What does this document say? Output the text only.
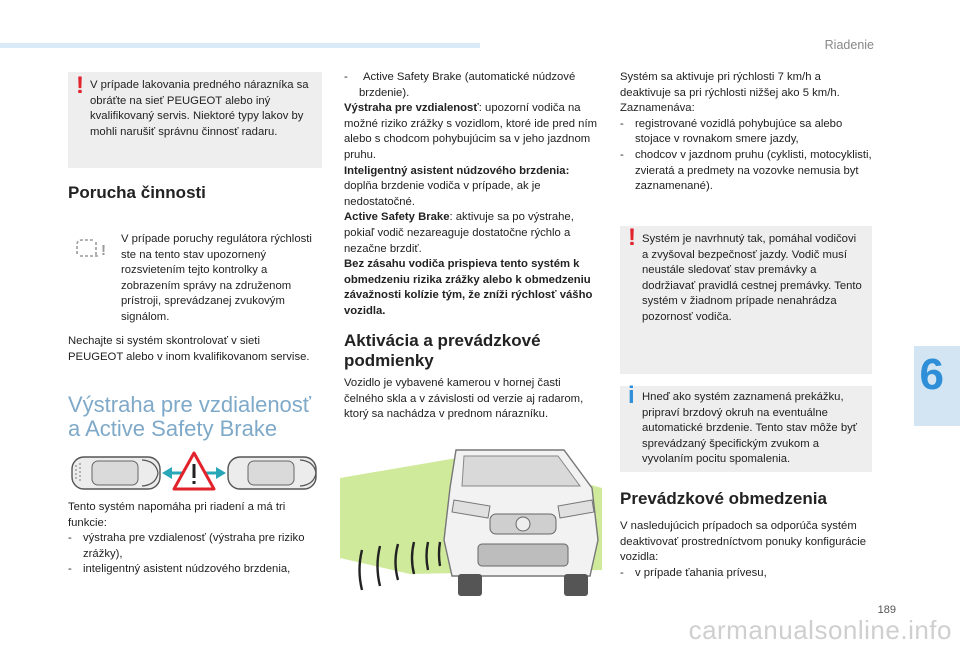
Riadenie
6
189
carmanualsonline.info
! V prípade lakovania predného nárazníka sa obráťte na sieť PEUGEOT alebo iný kvalifikovaný servis. Niektoré typy lakov by mohli narušiť správnu činnosť radaru.

Porucha činnosti
!
V prípade poruchy regulátora rýchlosti ste na tento stav upozornený rozsvietením tejto kontrolky a zobrazením správy na združenom prístroji, sprevádzanej zvukovým signálom.
Nechajte si systém skontrolovať v sieti PEUGEOT alebo v inom kvalifikovanom servise.
Výstraha pre vzdialenosť
a Active Safety Brake

Tento systém napomáha pri riadení a má tri funkcie:

- výstraha pre vzdialenosť (výstraha pre riziko zrážky),
- inteligentný asistent núdzového brzdenia,
- Active Safety Brake (automatické núdzové brzdenie).

Výstraha pre vzdialenosť: upozorní vodiča na možné riziko zrážky s vozidlom, ktoré ide pred ním alebo s chodcom pohybujúcim sa v jeho jazdnom pruhu.

Inteligentný asistent núdzového brzdenia:
doplňa brzdenie vodiča v prípade, ak je nedostatočné.

Active Safety Brake: aktivuje sa po výstrahe, pokiaľ vodič nezareaguje dostatočne rýchlo a nezačne brzdiť.

Bez zásahu vodiča prispieva tento systém k obmedzeniu rizika zrážky alebo k obmedzeniu závažnosti kolízie tým, že zníži rýchlosť vášho vozidla.

Aktivácia a prevádzkové
podmienky
Vozidlo je vybavené kamerou v hornej časti čelného skla a v závislosti od verzie aj radarom, ktorý sa nachádza v prednom nárazníku.

Systém sa aktivuje pri rýchlosti 7 km/h a deaktivuje sa pri rýchlosti nižšej ako 5 km/h.

Zaznamenáva:

- registrované vozidlá pohybujúce sa alebo stojace v rovnakom smere jazdy,
- chodcov v jazdnom pruhu (cyklisti, motocyklisti, zvieratá a predmety na vozovke nemusia byt zaznamenané).
! Systém je navrhnutý tak, pomáhal vodičovi a zvyšoval bezpečnosť jazdy. Vodič musí neustále sledovať stav premávky a dodržiavať pravidlá cestnej premávky. Tento systém v žiadnom prípade nenahrádza pozornosť vodiča.

i Hneď ako systém zaznamená prekážku, pripraví brzdový okruh na eventuálne automatické brzdenie. Tento stav môže byť sprevádzaný špecifickým zvukom a vyvolaním pocitu spomalenia.

Prevádzkové obmedzenia

V nasledujúcich prípadoch sa odporúča systém deaktivovať prostredníctvom ponuky konfigurácie vozidla:

- v prípade ťahania prívesu,
